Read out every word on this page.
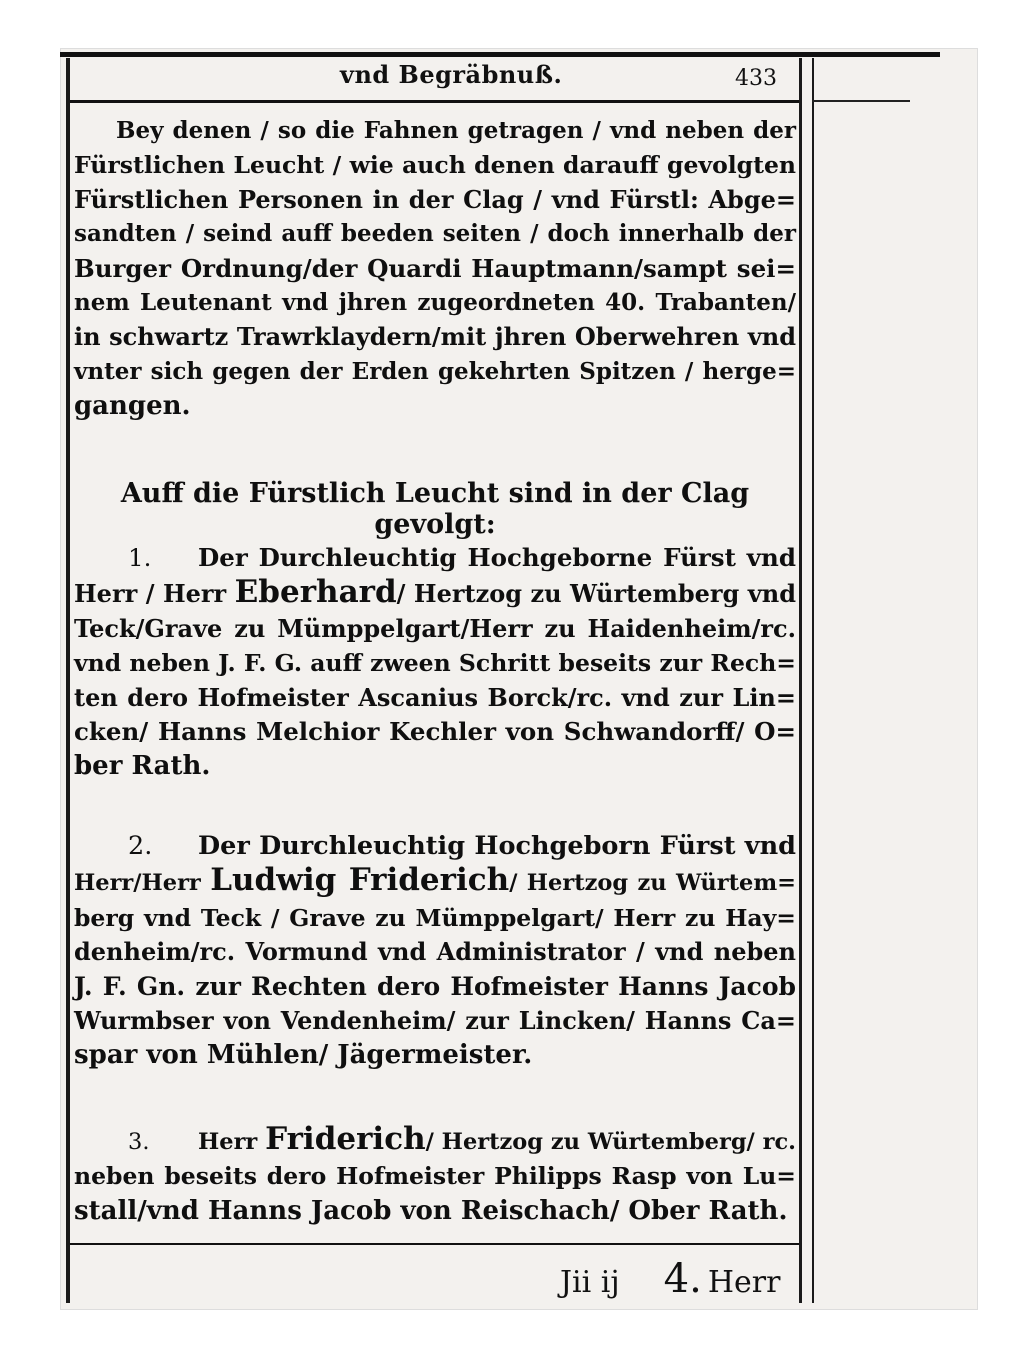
vnd Begräbnuß.	433
Bey denen / so die Fahnen getragen / vnd neben der
Fürstlichen Leucht / wie auch denen darauff gevolgten
Fürstlichen Personen in der Clag / vnd Fürstl: Abge=
sandten / seind auff beeden seiten / doch innerhalb der
Burger Ordnung/der Quardi Hauptmann/sampt sei=
nem Leutenant vnd jhren zugeordneten 40. Trabanten/
in schwartz Trawrklaydern/mit jhren Oberwehren vnd
vnter sich gegen der Erden gekehrten Spitzen / herge=
gangen.
Auff die Fürstlich Leucht sind in der Clag gevolgt:
1. Der Durchleuchtig Hochgeborne Fürst vnd
Herr / Herr Eberhard/ Hertzog zu Würtemberg vnd
Teck/Grave zu Mümppelgart/Herr zu Haidenheim/rc.
vnd neben J. F. G. auff zween Schritt beseits zur Rech=
ten dero Hofmeister Ascanius Borck/rc. vnd zur Lin=
cken/ Hanns Melchior Kechler von Schwandorff/ O=
ber Rath.
2. Der Durchleuchtig Hochgeborn Fürst vnd
Herr/Herr Ludwig Friderich/ Hertzog zu Würtem=
berg vnd Teck / Grave zu Mümppelgart/ Herr zu Hay=
denheim/rc. Vormund vnd Administrator / vnd neben
J. F. Gn. zur Rechten dero Hofmeister Hanns Jacob
Wurmbser von Vendenheim/ zur Lincken/ Hanns Ca=
spar von Mühlen/ Jägermeister.
3. Herr Friderich/ Hertzog zu Würtemberg/ rc.
neben beseits dero Hofmeister Philipps Rasp von Lu=
stall/vnd Hanns Jacob von Reischach/ Ober Rath.
Jii ij 4. Herr
